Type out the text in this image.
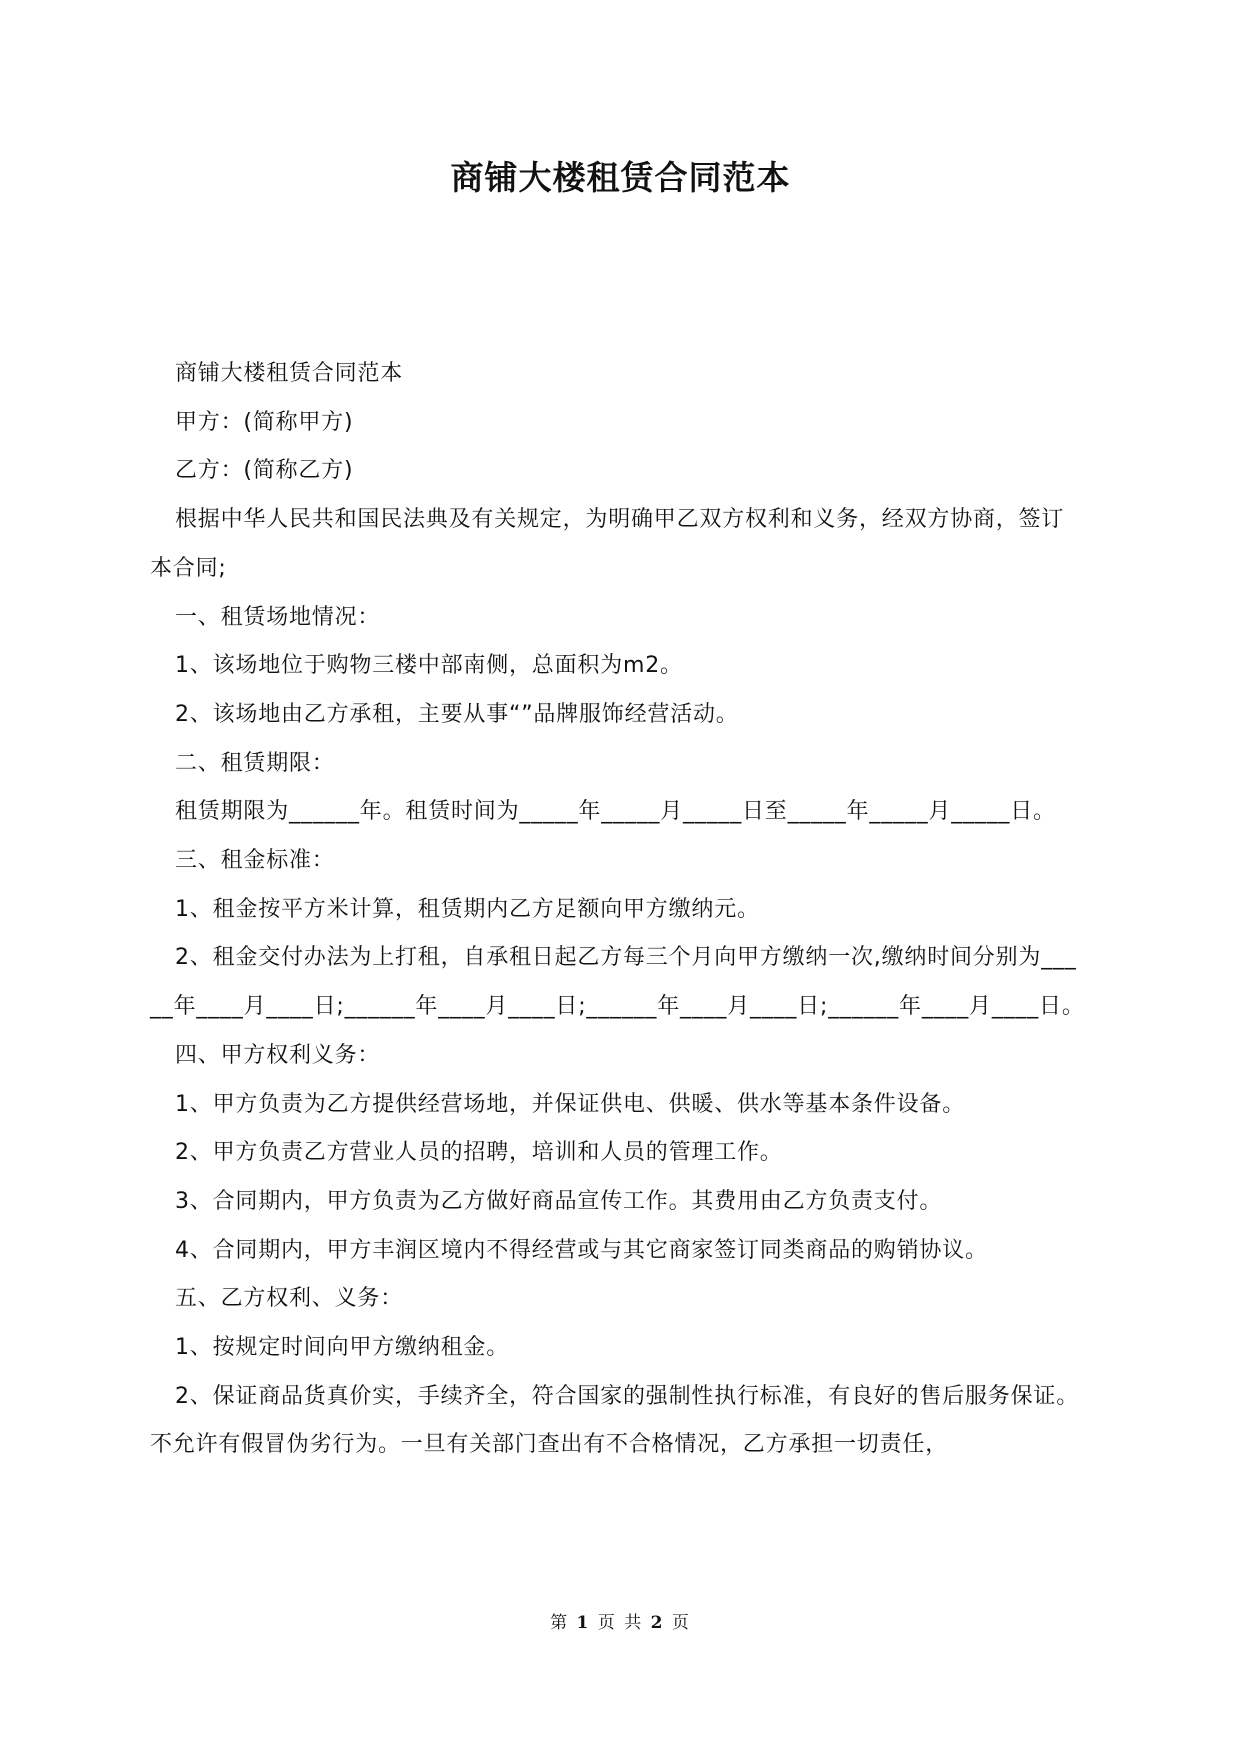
商铺大楼租赁合同范本

商铺大楼租赁合同范本

甲方：(简称甲方)

乙方：(简称乙方)

根据中华人民共和国民法典及有关规定，为明确甲乙双方权利和义务，经双方协商，签订本合同;

一、租赁场地情况：

1、该场地位于购物三楼中部南侧，总面积为m2。

2、该场地由乙方承租，主要从事“”品牌服饰经营活动。

二、租赁期限：

租赁期限为______年。租赁时间为_____年_____月_____日至_____年_____月_____日。

三、租金标准：

1、租金按平方米计算，租赁期内乙方足额向甲方缴纳元。

2、租金交付办法为上打租，自承租日起乙方每三个月向甲方缴纳一次,缴纳时间分别为_____年____月____日;______年____月____日;______年____月____日;______年____月____日。

四、甲方权利义务：

1、甲方负责为乙方提供经营场地，并保证供电、供暖、供水等基本条件设备。

2、甲方负责乙方营业人员的招聘，培训和人员的管理工作。

3、合同期内，甲方负责为乙方做好商品宣传工作。其费用由乙方负责支付。

4、合同期内，甲方丰润区境内不得经营或与其它商家签订同类商品的购销协议。

五、乙方权利、义务：

1、按规定时间向甲方缴纳租金。

2、保证商品货真价实，手续齐全，符合国家的强制性执行标准，有良好的售后服务保证。不允许有假冒伪劣行为。一旦有关部门查出有不合格情况，乙方承担一切责任，

第 1 页 共 2 页
